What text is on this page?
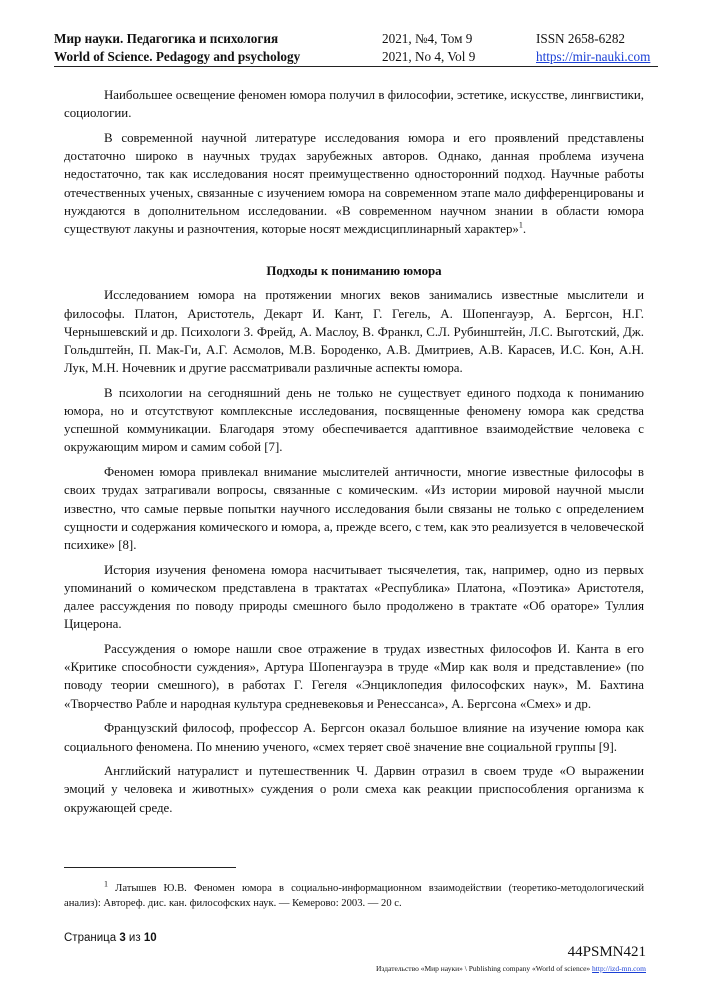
Мир науки. Педагогика и психология	2021, №4, Том 9	ISSN 2658-6282
World of Science. Pedagogy and psychology	2021, No 4, Vol 9	https://mir-nauki.com

Наибольшее освещение феномен юмора получил в философии, эстетике, искусстве, лингвистики, социологии.

В современной научной литературе исследования юмора и его проявлений представлены достаточно широко в научных трудах зарубежных авторов. Однако, данная проблема изучена недостаточно, так как исследования носят преимущественно односторонний подход. Научные работы отечественных ученых, связанные с изучением юмора на современном этапе мало дифференцированы и нуждаются в дополнительном исследовании. «В современном научном знании в области юмора существуют лакуны и разночтения, которые носят междисциплинарный характер»$^1$.

Подходы к пониманию юмора

Исследованием юмора на протяжении многих веков занимались известные мыслители и философы. Платон, Аристотель, Декарт И. Кант, Г. Гегель, А. Шопенгауэр, А. Бергсон, Н.Г. Чернышевский и др. Психологи З. Фрейд, А. Маслоу, В. Франкл, С.Л. Рубинштейн, Л.С. Выготский, Дж. Гольдштейн, П. Мак-Ги, А.Г. Асмолов, М.В. Бороденко, А.В. Дмитриев, А.В. Карасев, И.С. Кон, А.Н. Лук, М.Н. Ночевник и другие рассматривали различные аспекты юмора.

В психологии на сегодняшний день не только не существует единого подхода к пониманию юмора, но и отсутствуют комплексные исследования, посвященные феномену юмора как средства успешной коммуникации. Благодаря этому обеспечивается адаптивное взаимодействие человека с окружающим миром и самим собой [7].

Феномен юмора привлекал внимание мыслителей античности, многие известные философы в своих трудах затрагивали вопросы, связанные с комическим. «Из истории мировой научной мысли известно, что самые первые попытки научного исследования были связаны не только с определением сущности и содержания комического и юмора, а, прежде всего, с тем, как это реализуется в человеческой психике» [8].

История изучения феномена юмора насчитывает тысячелетия, так, например, одно из первых упоминаний о комическом представлена в трактатах «Республика» Платона, «Поэтика» Аристотеля, далее рассуждения по поводу природы смешного было продолжено в трактате «Об ораторе» Туллия Цицерона.

Рассуждения о юморе нашли свое отражение в трудах известных философов И. Канта в его «Критике способности суждения», Артура Шопенгауэра в труде «Мир как воля и представление» (по поводу теории смешного), в работах Г. Гегеля «Энциклопедия философских наук», М. Бахтина «Творчество Рабле и народная культура средневековья и Ренессанса», А. Бергсона «Смех» и др.

Французский философ, профессор А. Бергсон оказал большое влияние на изучение юмора как социального феномена. По мнению ученого, «смех теряет своё значение вне социальной группы [9].

Английский натуралист и путешественник Ч. Дарвин отразил в своем труде «О выражении эмоций у человека и животных» суждения о роли смеха как реакции приспособления организма к окружающей среде.

$^1$ Латышев Ю.В. Феномен юмора в социально-информационном взаимодействии (теоретико-методологический анализ): Автореф. дис. кан. философских наук. — Кемерово: 2003. — 20 с.
Страница 3 из 10
44PSMN421
Издательство «Мир науки» \ Publishing company «World of science» http://izd-mn.com
